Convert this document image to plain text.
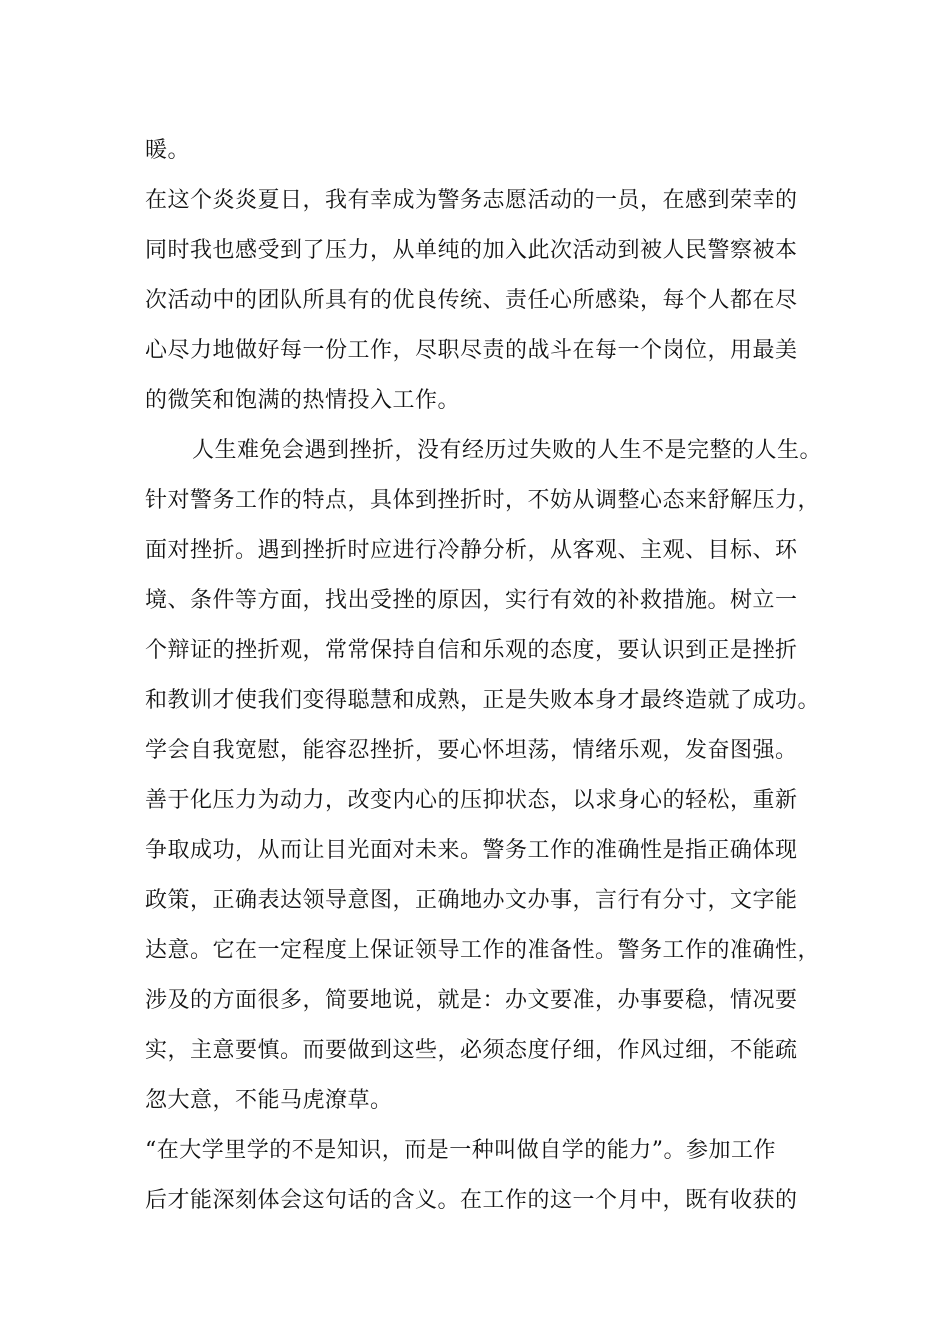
暖。
在这个炎炎夏日，我有幸成为警务志愿活动的一员，在感到荣幸的
同时我也感受到了压力，从单纯的加入此次活动到被人民警察被本
次活动中的团队所具有的优良传统、责任心所感染，每个人都在尽
心尽力地做好每一份工作，尽职尽责的战斗在每一个岗位，用最美
的微笑和饱满的热情投入工作。
人生难免会遇到挫折，没有经历过失败的人生不是完整的人生。
针对警务工作的特点，具体到挫折时，不妨从调整心态来舒解压力，
面对挫折。遇到挫折时应进行冷静分析，从客观、主观、目标、环
境、条件等方面，找出受挫的原因，实行有效的补救措施。树立一
个辩证的挫折观，常常保持自信和乐观的态度，要认识到正是挫折
和教训才使我们变得聪慧和成熟，正是失败本身才最终造就了成功。
学会自我宽慰，能容忍挫折，要心怀坦荡，情绪乐观，发奋图强。
善于化压力为动力，改变内心的压抑状态，以求身心的轻松，重新
争取成功，从而让目光面对未来。警务工作的准确性是指正确体现
政策，正确表达领导意图，正确地办文办事，言行有分寸，文字能
达意。它在一定程度上保证领导工作的准备性。警务工作的准确性，
涉及的方面很多，简要地说，就是：办文要准，办事要稳，情况要
实，主意要慎。而要做到这些，必须态度仔细，作风过细，不能疏
忽大意，不能马虎潦草。
“在大学里学的不是知识，而是一种叫做自学的能力”。参加工作
后才能深刻体会这句话的含义。在工作的这一个月中，既有收获的
